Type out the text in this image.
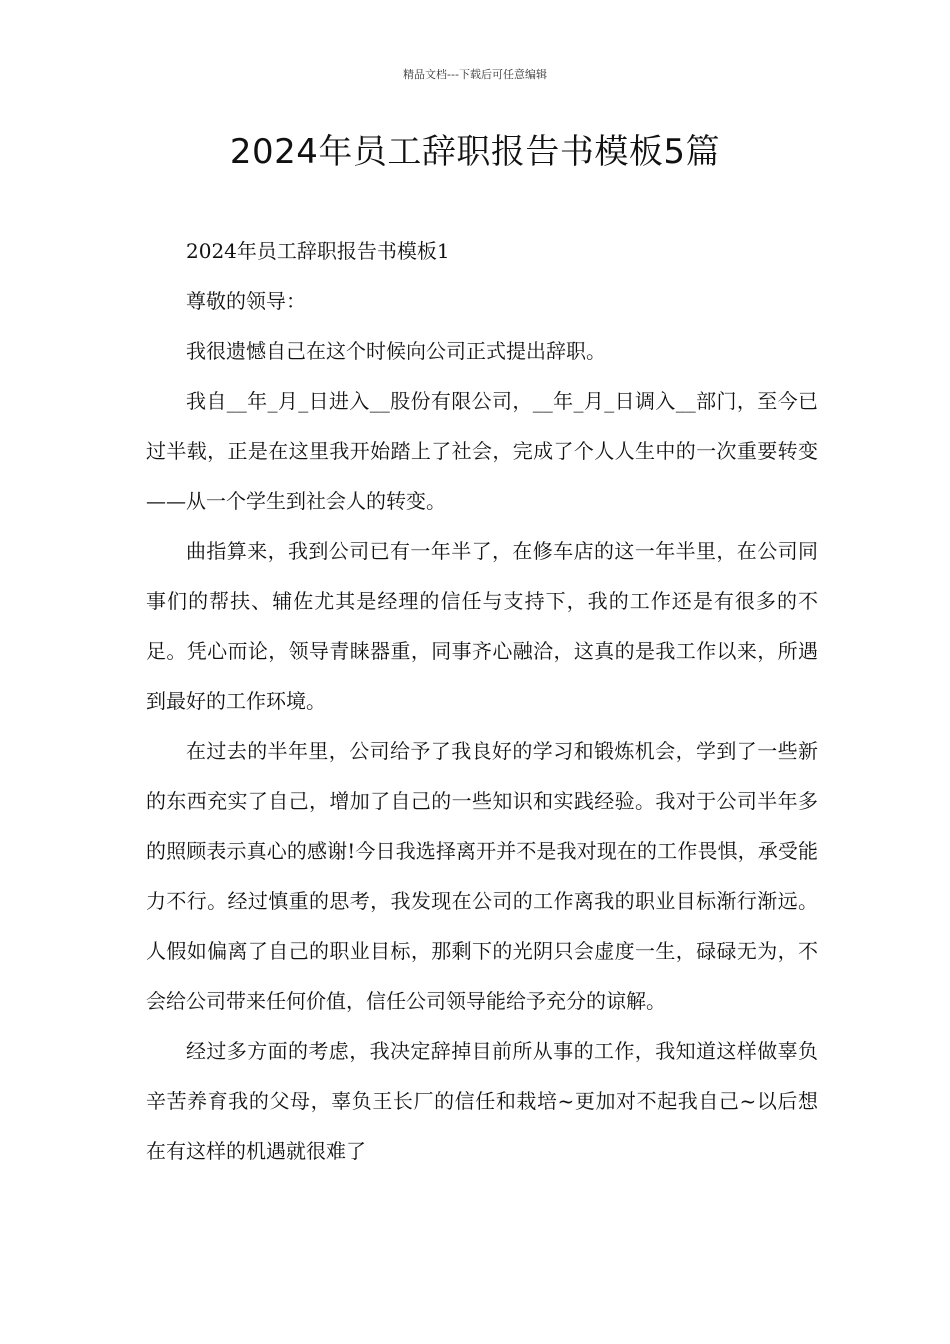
精品文档---下载后可任意编辑
2024年员工辞职报告书模板5篇

2024年员工辞职报告书模板1

尊敬的领导：

我很遗憾自己在这个时候向公司正式提出辞职。

我自__年_月_日进入__股份有限公司，__年_月_日调入__部门，至今已过半载，正是在这里我开始踏上了社会，完成了个人人生中的一次重要转变——从一个学生到社会人的转变。

曲指算来，我到公司已有一年半了，在修车店的这一年半里，在公司同事们的帮扶、辅佐尤其是经理的信任与支持下，我的工作还是有很多的不足。凭心而论，领导青睐器重，同事齐心融洽，这真的是我工作以来，所遇到最好的工作环境。

在过去的半年里，公司给予了我良好的学习和锻炼机会，学到了一些新的东西充实了自己，增加了自己的一些知识和实践经验。我对于公司半年多的照顾表示真心的感谢!今日我选择离开并不是我对现在的工作畏惧，承受能力不行。经过慎重的思考，我发现在公司的工作离我的职业目标渐行渐远。人假如偏离了自己的职业目标，那剩下的光阴只会虚度一生，碌碌无为，不会给公司带来任何价值，信任公司领导能给予充分的谅解。

经过多方面的考虑，我决定辞掉目前所从事的工作，我知道这样做辜负辛苦养育我的父母，辜负王长厂的信任和栽培~更加对不起我自己~以后想在有这样的机遇就很难了
